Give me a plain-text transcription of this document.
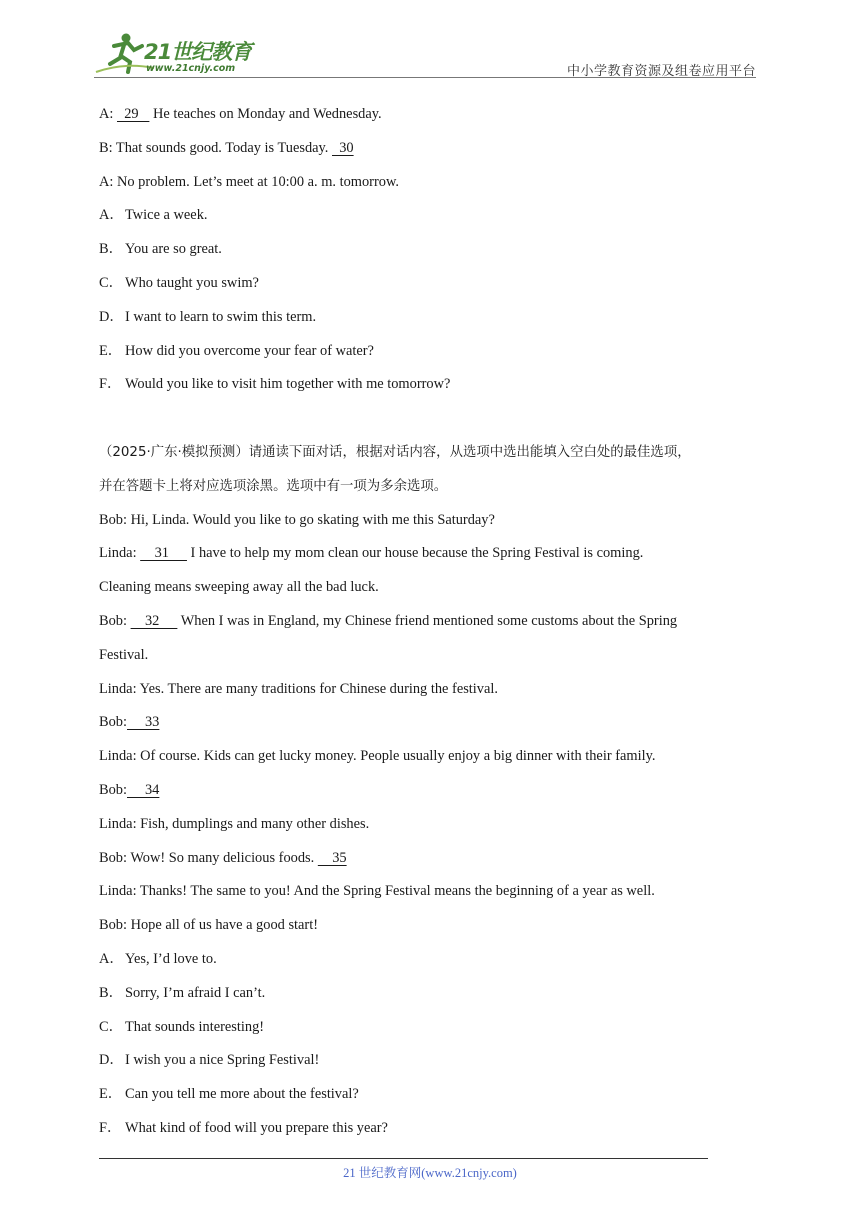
21世纪教育
www.21cnjy.com	中小学教育资源及组卷应用平台
A:   29    He teaches on Monday and Wednesday.
B: That sounds good. Today is Tuesday.   30
A: No problem. Let’s meet at 10:00 a. m. tomorrow.
A．Twice a week.
B． You are so great.
C． Who taught you swim?
D．I want to learn to swim this term.
E． How did you overcome your fear of water?
F． Would you like to visit him together with me tomorrow?
（2025·广东·模拟预测）请通读下面对话，根据对话内容，从选项中选出能填入空白处的最佳选项，
并在答题卡上将对应选项涂黑。选项中有一项为多余选项。
Bob: Hi, Linda. Would you like to go skating with me this Saturday?
Linda:     31      I have to help my mom clean our house because the Spring Festival is coming.
Cleaning means sweeping away all the bad luck.
Bob:     32      When I was in England, my Chinese friend mentioned some customs about the Spring
Festival.
Linda: Yes. There are many traditions for Chinese during the festival.
Bob:     33
Linda: Of course. Kids can get lucky money. People usually enjoy a big dinner with their family.
Bob:     34
Linda: Fish, dumplings and many other dishes.
Bob: Wow! So many delicious foods.     35
Linda: Thanks! The same to you! And the Spring Festival means the beginning of a year as well.
Bob: Hope all of us have a good start!
A．Yes, I’d love to.
B． Sorry, I’m afraid I can’t.
C． That sounds interesting!
D．I wish you a nice Spring Festival!
E． Can you tell me more about the festival?
F． What kind of food will you prepare this year?
21 世纪教育网(www.21cnjy.com)
